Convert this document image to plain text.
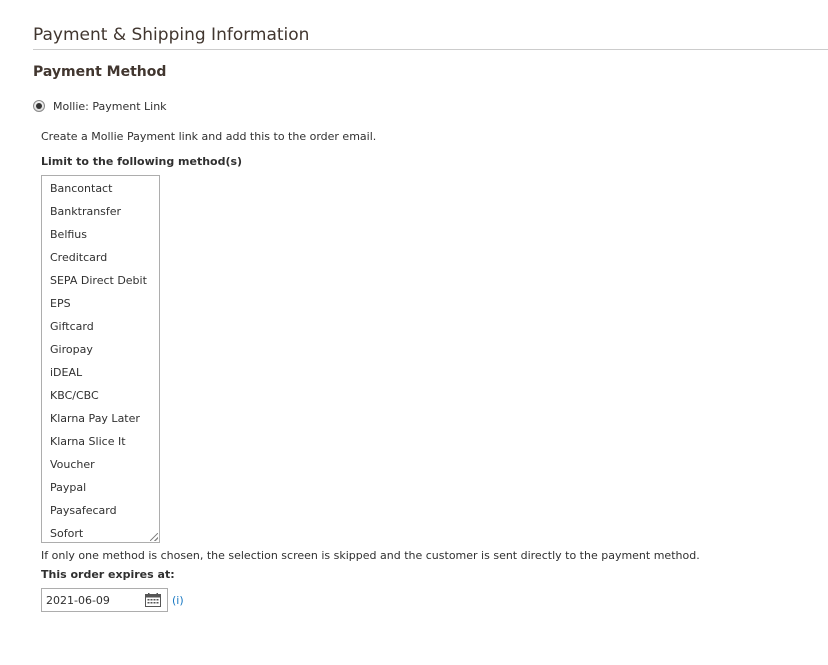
Payment & Shipping Information
Payment Method
Mollie: Payment Link
Create a Mollie Payment link and add this to the order email.
Limit to the following method(s)
Bancontact
Banktransfer
Belfius
Creditcard
SEPA Direct Debit
EPS
Giftcard
Giropay
iDEAL
KBC/CBC
Klarna Pay Later
Klarna Slice It
Voucher
Paypal
Paysafecard
Sofort
If only one method is chosen, the selection screen is skipped and the customer is sent directly to the payment method.
This order expires at:
2021-06-09
(i)
